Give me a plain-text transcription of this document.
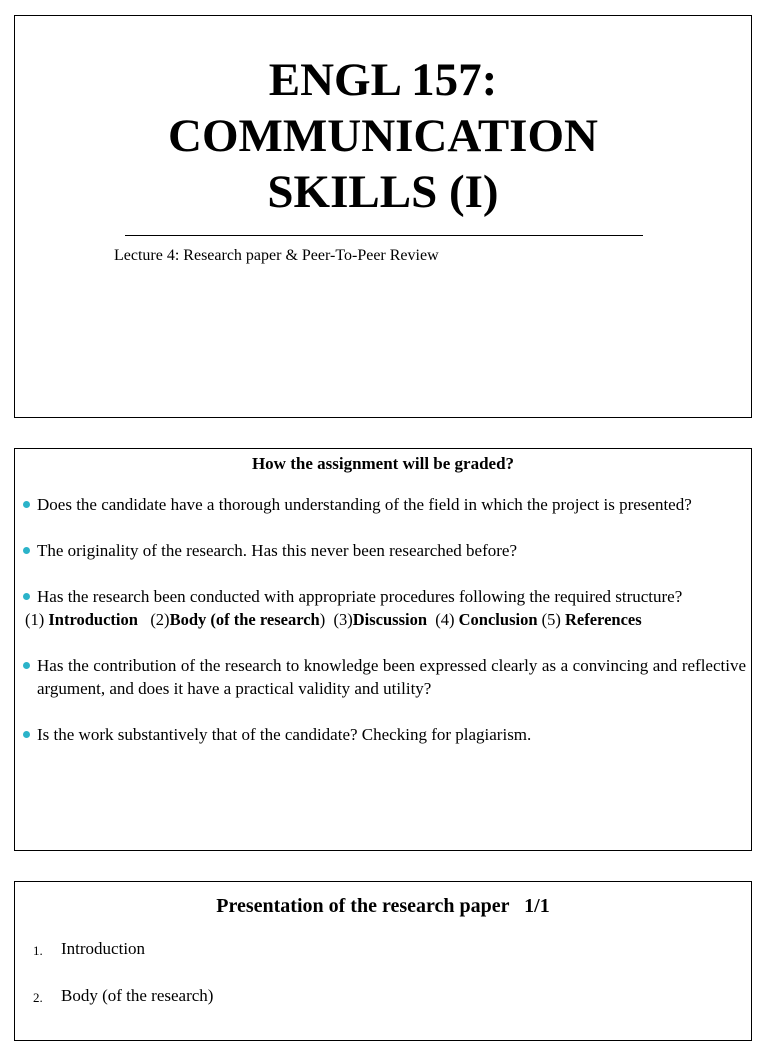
ENGL 157:
COMMUNICATION
SKILLS (I)

Lecture 4: Research paper & Peer-To-Peer Review

How the assignment will be graded?
Does the candidate have a thorough understanding of the field in which the project is presented?
The originality of the research. Has this never been researched before?
Has the research been conducted with appropriate procedures following the required structure?
(1) Introduction (2)Body (of the research) (3)Discussion (4) Conclusion (5) References
Has the contribution of the research to knowledge been expressed clearly as a convincing and reflective argument, and does it have a practical validity and utility?
Is the work substantively that of the candidate? Checking for plagiarism.
Presentation of the research paper   1/1
1. Introduction
2. Body (of the research)
